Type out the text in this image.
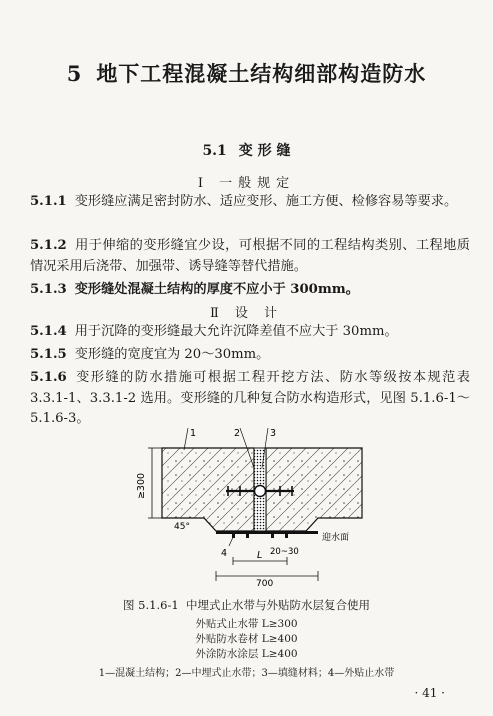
5 地下工程混凝土结构细部构造防水
5.1 变 形 缝
Ⅰ 一般规定
5.1.1 变形缝应满足密封防水、适应变形、施工方便、检修容易等要求。
5.1.2 用于伸缩的变形缝宜少设，可根据不同的工程结构类别、工程地质情况采用后浇带、加强带、诱导缝等替代措施。
5.1.3 变形缝处混凝土结构的厚度不应小于 300mm。
Ⅱ 设 计
5.1.4 用于沉降的变形缝最大允许沉降差值不应大于 30mm。
5.1.5 变形缝的宽度宜为 20～30mm。
5.1.6 变形缝的防水措施可根据工程开挖方法、防水等级按本规范表 3.3.1-1、3.3.1-2 选用。变形缝的几种复合防水构造形式，见图 5.1.6-1～5.1.6-3。
≥300
45°
1	2	3
4	20~30
迎水面
L
700
图 5.1.6-1 中埋式止水带与外贴防水层复合使用
外贴式止水带 L≥300
外贴防水卷材 L≥400
外涂防水涂层 L≥400
1—混凝土结构；2—中埋式止水带；3—填缝材料；4—外贴止水带
· 41 ·
